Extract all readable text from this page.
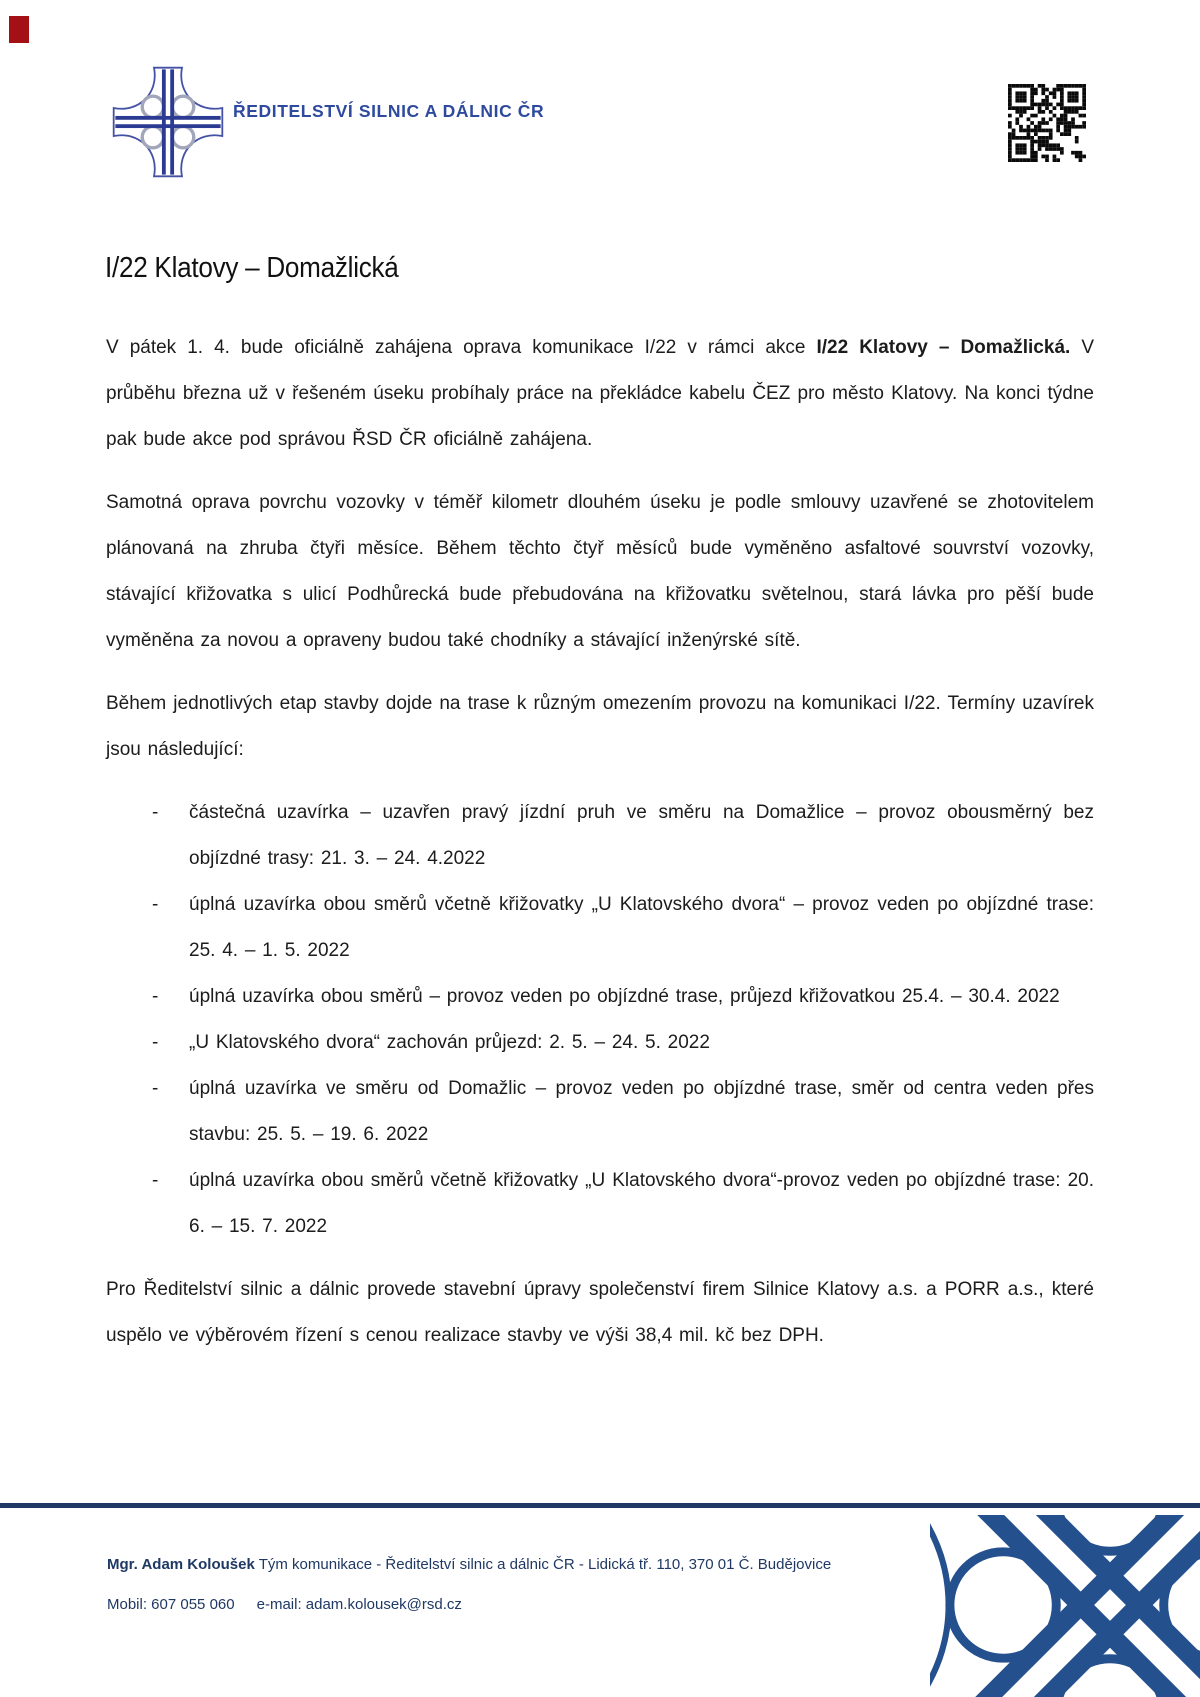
ŘEDITELSTVÍ SILNIC A DÁLNIC ČR
I/22 Klatovy – Domažlická

V pátek 1. 4. bude oficiálně zahájena oprava komunikace I/22 v rámci akce I/22 Klatovy – Domažlická. V průběhu března už v řešeném úseku probíhaly práce na překládce kabelu ČEZ pro město Klatovy. Na konci týdne pak bude akce pod správou ŘSD ČR oficiálně zahájena.

Samotná oprava povrchu vozovky v téměř kilometr dlouhém úseku je podle smlouvy uzavřené se zhotovitelem plánovaná na zhruba čtyři měsíce. Během těchto čtyř měsíců bude vyměněno asfaltové souvrství vozovky, stávající křižovatka s ulicí Podhůrecká bude přebudována na křižovatku světelnou, stará lávka pro pěší bude vyměněna za novou a opraveny budou také chodníky a stávající inženýrské sítě.

Během jednotlivých etap stavby dojde na trase k různým omezením provozu na komunikaci I/22. Termíny uzavírek jsou následující:

- částečná uzavírka – uzavřen pravý jízdní pruh ve směru na Domažlice – provoz obousměrný bez objízdné trasy: 21. 3. – 24. 4.2022
- úplná uzavírka obou směrů včetně křižovatky „U Klatovského dvora“ – provoz veden po objízdné trase: 25. 4. – 1. 5. 2022
- úplná uzavírka obou směrů – provoz veden po objízdné trase, průjezd křižovatkou 25.4. – 30.4. 2022
- „U Klatovského dvora“ zachován průjezd: 2. 5. – 24. 5. 2022
- úplná uzavírka ve směru od Domažlic – provoz veden po objízdné trase, směr od centra veden přes stavbu: 25. 5. – 19. 6. 2022
- úplná uzavírka obou směrů včetně křižovatky „U Klatovského dvora“-provoz veden po objízdné trase: 20. 6. – 15. 7. 2022

Pro Ředitelství silnic a dálnic provede stavební úpravy společenství firem Silnice Klatovy a.s. a PORR a.s., které uspělo ve výběrovém řízení s cenou realizace stavby ve výši 38,4 mil. kč bez DPH.

Mgr. Adam Koloušek Tým komunikace - Ředitelství silnic a dálnic ČR - Lidická tř. 110, 370 01 Č. Budějovice
Mobil: 607 055 060 e-mail: adam.kolousek@rsd.cz
